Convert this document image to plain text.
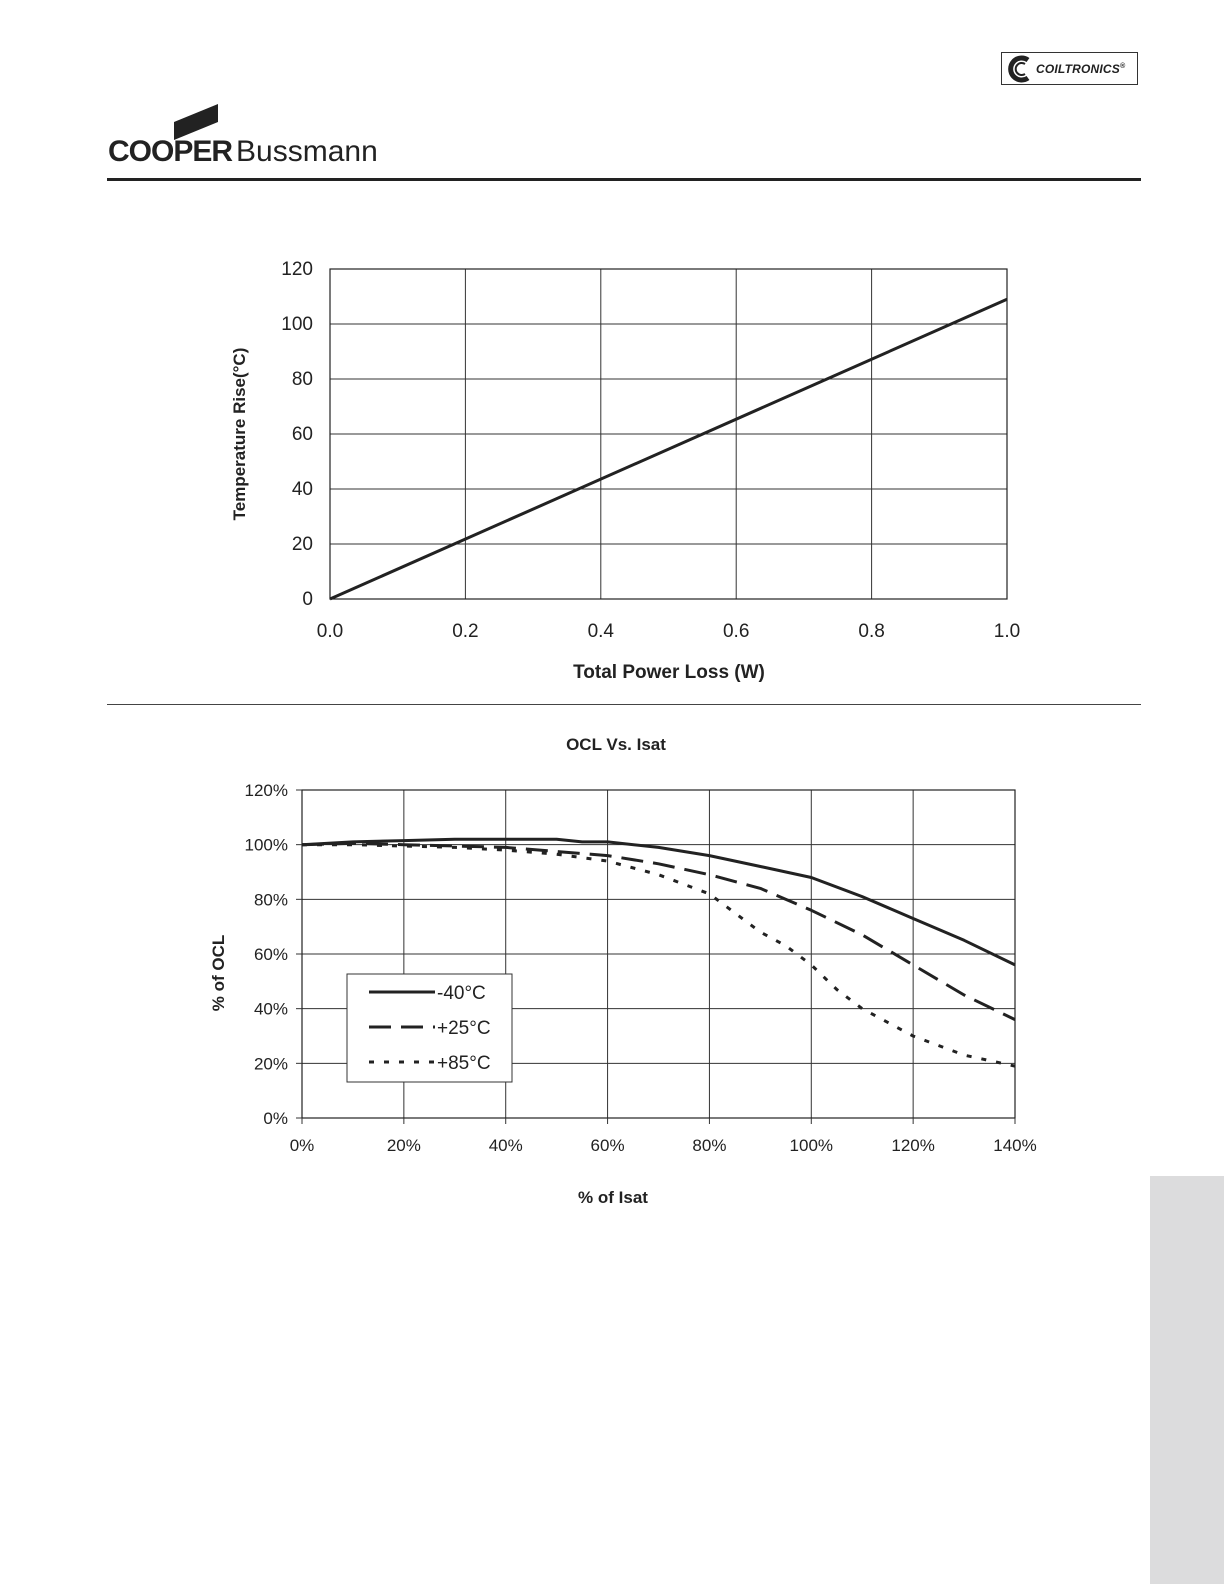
COILTRONICS®
COOPER Bussmann
0
20
40
60
80
100
120
0.0	0.2	0.4	0.6	0.8	1.0
Total Power Loss (W)
Temperature Rise(°C)
OCL Vs. Isat
0%
20%
40%
60%
80%
100%
120%
0%	20%	40%	60%	80%	100%	120%	140%
-40°C
+25°C
+85°C
% of Isat
% of OCL
